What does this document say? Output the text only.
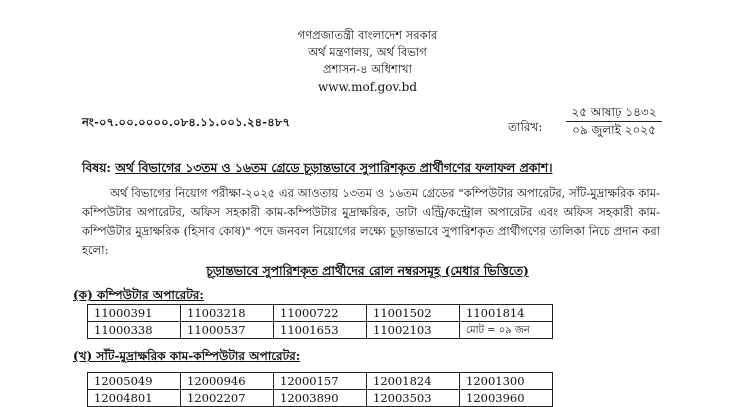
গণপ্রজাতন্ত্রী বাংলাদেশ সরকার
অর্থ মন্ত্রণালয়, অর্থ বিভাগ
প্রশাসন-৪ অধিশাখা
www.mof.gov.bd
নং-০৭.০০.০০০০.০৮৪.১১.০০১.২৪-৪৮৭	তারিখ:
২৫ আষাঢ় ১৪৩২
০৯ জুলাই ২০২৫
বিষয়: অর্থ বিভাগের ১৩তম ও ১৬তম গ্রেডে চূড়ান্তভাবে সুপারিশকৃত প্রার্থীগণের ফলাফল প্রকাশ।
অর্থ বিভাগের নিয়োগ পরীক্ষা-২০২৫ এর আওতায় ১৩তম ও ১৬তম গ্রেডের "কম্পিউটার অপারেটর, সাঁট-মুদ্রাক্ষরিক কাম-কম্পিউটার অপারেটর, অফিস সহকারী কাম-কম্পিউটার মুদ্রাক্ষরিক, ডাটা এন্ট্রি/কন্ট্রোল অপারেটর এবং অফিস সহকারী কাম-কম্পিউটার মুদ্রাক্ষরিক (হিসাব কোষ)" পদে জনবল নিয়োগের লক্ষ্যে চূড়ান্তভাবে সুপারিশকৃত প্রার্থীগণের তালিকা নিচে প্রদান করা হলো:
চূড়ান্তভাবে সুপারিশকৃত প্রার্থীদের রোল নম্বরসমূহ (মেধার ভিত্তিতে)
(ক) কম্পিউটার অপারেটর:
11000391	11003218	11000722	11001502	11001814
11000338	11000537	11001653	11002103	মোট = ০৯ জন
(খ) সাঁট-মুদ্রাক্ষরিক কাম-কম্পিউটার অপারেটর:
12005049	12000946	12000157	12001824	12001300
12004801	12002207	12003890	12003503	12003960
